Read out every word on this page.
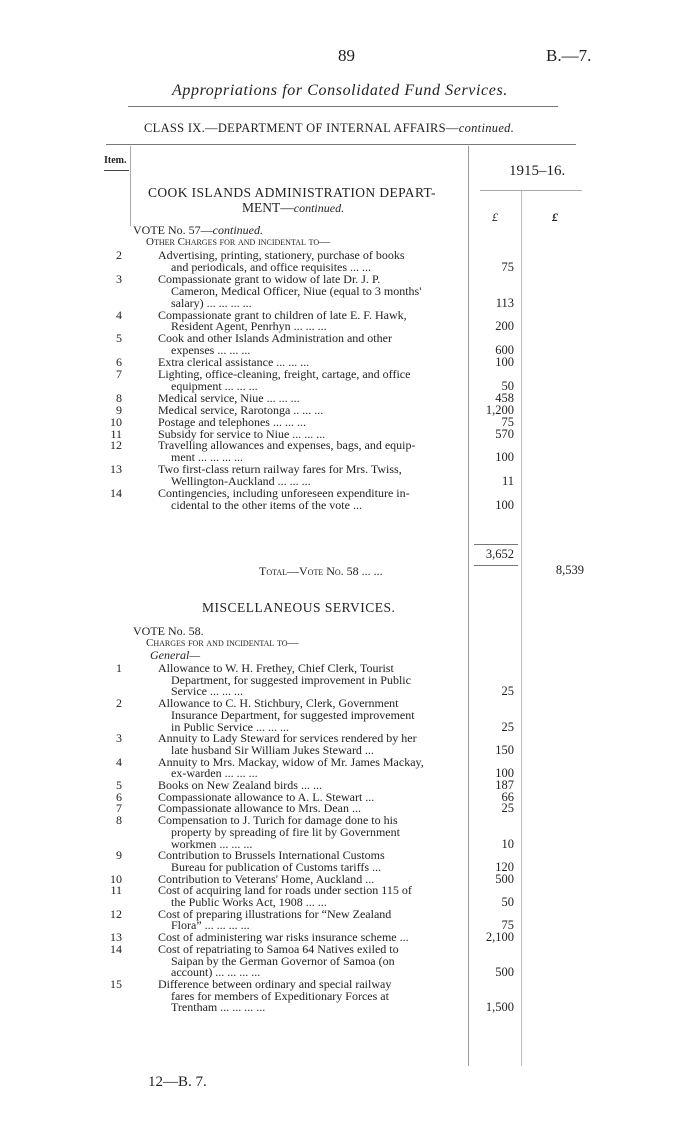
89	B.—7.
Appropriations for Consolidated Fund Services.
CLASS IX.—DEPARTMENT OF INTERNAL AFFAIRS—continued.
Item.
1915–16.
£	£
COOK ISLANDS ADMINISTRATION DEPART-
MENT—continued.
VOTE No. 57—continued.
Other Charges for and incidental to—
2	Advertising, printing, stationery, purchase of books
and periodicals, and office requisites ... ...	75
3	Compassionate grant to widow of late Dr. J. P.
Cameron, Medical Officer, Niue (equal to 3 months'
salary) ... ... ... ...	113
4	Compassionate grant to children of late E. F. Hawk,
Resident Agent, Penrhyn ... ... ...	200
5	Cook and other Islands Administration and other
expenses ... ... ...	600
6	Extra clerical assistance ... ... ...	100
7	Lighting, office-cleaning, freight, cartage, and office
equipment ... ... ...	50
8	Medical service, Niue ... ... ...	458
9	Medical service, Rarotonga .. ... ...	1,200
10	Postage and telephones ... ... ...	75
11	Subsidy for service to Niue ... ... ...	570
12	Travelling allowances and expenses, bags, and equip-
ment ... ... ... ...	100
13	Two first-class return railway fares for Mrs. Twiss,
Wellington-Auckland ... ... ...	11
14	Contingencies, including unforeseen expenditure in-
cidental to the other items of the vote ...	100
3,652
Total—Vote No. 58 ... ...	8,539
MISCELLANEOUS SERVICES.
VOTE No. 58.
Charges for and incidental to—
General—
1	Allowance to W. H. Frethey, Chief Clerk, Tourist
Department, for suggested improvement in Public
Service ... ... ...	25
2	Allowance to C. H. Stichbury, Clerk, Government
Insurance Department, for suggested improvement
in Public Service ... ... ...	25
3	Annuity to Lady Steward for services rendered by her
late husband Sir William Jukes Steward ...	150
4	Annuity to Mrs. Mackay, widow of Mr. James Mackay,
ex-warden ... ... ...	100
5	Books on New Zealand birds ... ...	187
6	Compassionate allowance to A. L. Stewart ...	66
7	Compassionate allowance to Mrs. Dean ...	25
8	Compensation to J. Turich for damage done to his
property by spreading of fire lit by Government
workmen ... ... ...	10
9	Contribution to Brussels International Customs
Bureau for publication of Customs tariffs ...	120
10	Contribution to Veterans' Home, Auckland ...	500
11	Cost of acquiring land for roads under section 115 of
the Public Works Act, 1908 ... ...	50
12	Cost of preparing illustrations for “New Zealand
Flora” ... ... ... ...	75
13	Cost of administering war risks insurance scheme ...	2,100
14	Cost of repatriating to Samoa 64 Natives exiled to
Saipan by the German Governor of Samoa (on
account) ... ... ... ...	500
15	Difference between ordinary and special railway
fares for members of Expeditionary Forces at
Trentham ... ... ... ...	1,500
12—B. 7.
